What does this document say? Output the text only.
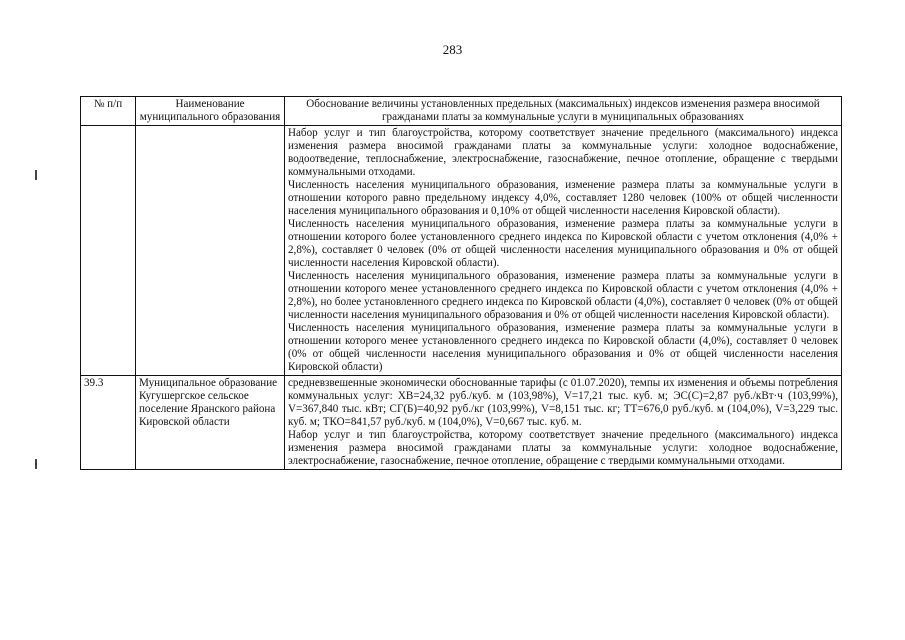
283
№ п/п	Наименование муниципального образования	Обоснование величины установленных предельных (максимальных) индексов изменения размера вносимой гражданами платы за коммунальные услуги в муниципальных образованиях

		Набор услуг и тип благоустройства, которому соответствует значение предельного (максимального) индекса изменения размера вносимой гражданами платы за коммунальные услуги: холодное водоснабжение, водоотведение, теплоснабжение, электроснабжение, газоснабжение, печное отопление, обращение с твердыми коммунальными отходами.

Численность населения муниципального образования, изменение размера платы за коммунальные услуги в отношении которого равно предельному индексу 4,0%, составляет 1280 человек (100% от общей численности населения муниципального образования и 0,10% от общей численности населения Кировской области).

Численность населения муниципального образования, изменение размера платы за коммунальные услуги в отношении которого более установленного среднего индекса по Кировской области с учетом отклонения (4,0% + 2,8%), составляет 0 человек (0% от общей численности населения муниципального образования и 0% от общей численности населения Кировской области).

Численность населения муниципального образования, изменение размера платы за коммунальные услуги в отношении которого менее установленного среднего индекса по Кировской области с учетом отклонения (4,0% + 2,8%), но более установленного среднего индекса по Кировской области (4,0%), составляет 0 человек (0% от общей численности населения муниципального образования и 0% от общей численности населения Кировской области).

Численность населения муниципального образования, изменение размера платы за коммунальные услуги в отношении которого менее установленного среднего индекса по Кировской области (4,0%), составляет 0 человек (0% от общей численности населения муниципального образования и 0% от общей численности населения Кировской области)

39.3	Муниципальное образование Кугушергское сельское поселение Яранского района Кировской области	средневзвешенные экономически обоснованные тарифы (с 01.07.2020), темпы их изменения и объемы потребления коммунальных услуг: ХВ=24,32 руб./куб. м (103,98%), V=17,21 тыс. куб. м; ЭС(С)=2,87 руб./кВт·ч (103,99%), V=367,840 тыс. кВт; СГ(Б)=40,92 руб./кг (103,99%), V=8,151 тыс. кг; ТТ=676,0 руб./куб. м (104,0%), V=3,229 тыс. куб. м; ТКО=841,57 руб./куб. м (104,0%), V=0,667 тыс. куб. м.

Набор услуг и тип благоустройства, которому соответствует значение предельного (максимального) индекса изменения размера вносимой гражданами платы за коммунальные услуги: холодное водоснабжение, электроснабжение, газоснабжение, печное отопление, обращение с твердыми коммунальными отходами.
